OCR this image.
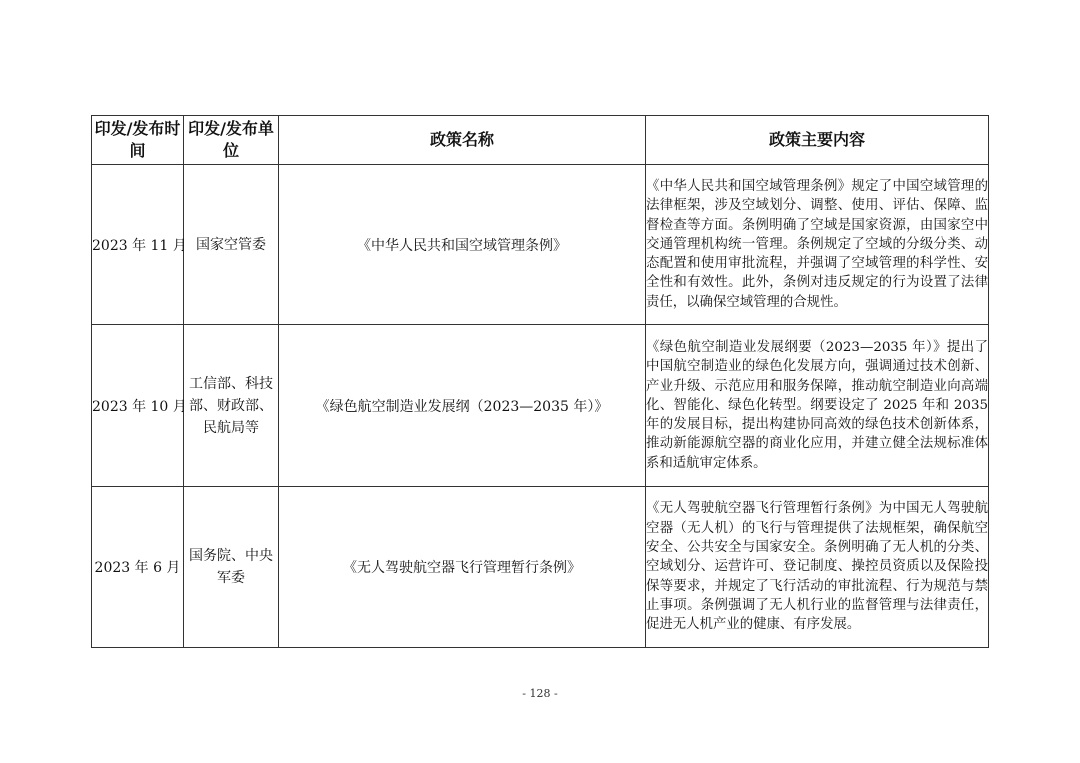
印发/发布时间	印发/发布单位	政策名称	政策主要内容
2023 年 11 月	国家空管委	《中华人民共和国空域管理条例》	《中华人民共和国空域管理条例》规定了中国空域管理的法律框架，涉及空域划分、调整、使用、评估、保障、监督检查等方面。条例明确了空域是国家资源，由国家空中交通管理机构统一管理。条例规定了空域的分级分类、动态配置和使用审批流程，并强调了空域管理的科学性、安全性和有效性。此外，条例对违反规定的行为设置了法律责任，以确保空域管理的合规性。
2023 年 10 月	工信部、科技部、财政部、民航局等	《绿色航空制造业发展纲（2023—2035 年）》	《绿色航空制造业发展纲要（2023—2035 年）》提出了中国航空制造业的绿色化发展方向，强调通过技术创新、产业升级、示范应用和服务保障，推动航空制造业向高端化、智能化、绿色化转型。纲要设定了 2025 年和 2035 年的发展目标，提出构建协同高效的绿色技术创新体系，推动新能源航空器的商业化应用，并建立健全法规标准体系和适航审定体系。
2023 年 6 月	国务院、中央军委	《无人驾驶航空器飞行管理暂行条例》	《无人驾驶航空器飞行管理暂行条例》为中国无人驾驶航空器（无人机）的飞行与管理提供了法规框架，确保航空安全、公共安全与国家安全。条例明确了无人机的分类、空域划分、运营许可、登记制度、操控员资质以及保险投保等要求，并规定了飞行活动的审批流程、行为规范与禁止事项。条例强调了无人机行业的监督管理与法律责任，促进无人机产业的健康、有序发展。
- 128 -
